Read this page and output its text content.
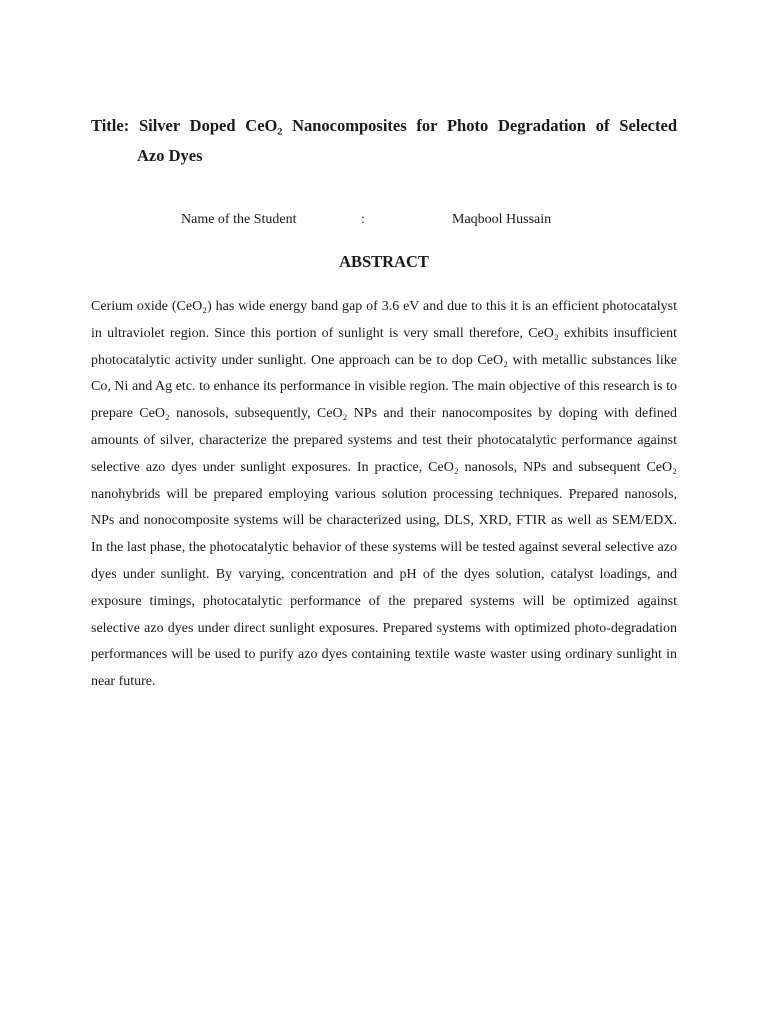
Title: Silver Doped CeO₂ Nanocomposites for Photo Degradation of Selected
Azo Dyes
Name of the Student	:	Maqbool Hussain
ABSTRACT

Cerium oxide (CeO₂) has wide energy band gap of 3.6 eV and due to this it is an efficient photocatalyst in ultraviolet region. Since this portion of sunlight is very small therefore, CeO₂ exhibits insufficient photocatalytic activity under sunlight. One approach can be to dop CeO₂ with metallic substances like Co, Ni and Ag etc. to enhance its performance in visible region. The main objective of this research is to prepare CeO₂ nanosols, subsequently, CeO₂ NPs and their nanocomposites by doping with defined amounts of silver, characterize the prepared systems and test their photocatalytic performance against selective azo dyes under sunlight exposures. In practice, CeO₂ nanosols, NPs and subsequent CeO₂ nanohybrids will be prepared employing various solution processing techniques. Prepared nanosols, NPs and nonocomposite systems will be characterized using, DLS, XRD, FTIR as well as SEM/EDX. In the last phase, the photocatalytic behavior of these systems will be tested against several selective azo dyes under sunlight. By varying, concentration and pH of the dyes solution, catalyst loadings, and exposure timings, photocatalytic performance of the prepared systems will be optimized against selective azo dyes under direct sunlight exposures. Prepared systems with optimized photo-degradation performances will be used to purify azo dyes containing textile waste waster using ordinary sunlight in near future.
